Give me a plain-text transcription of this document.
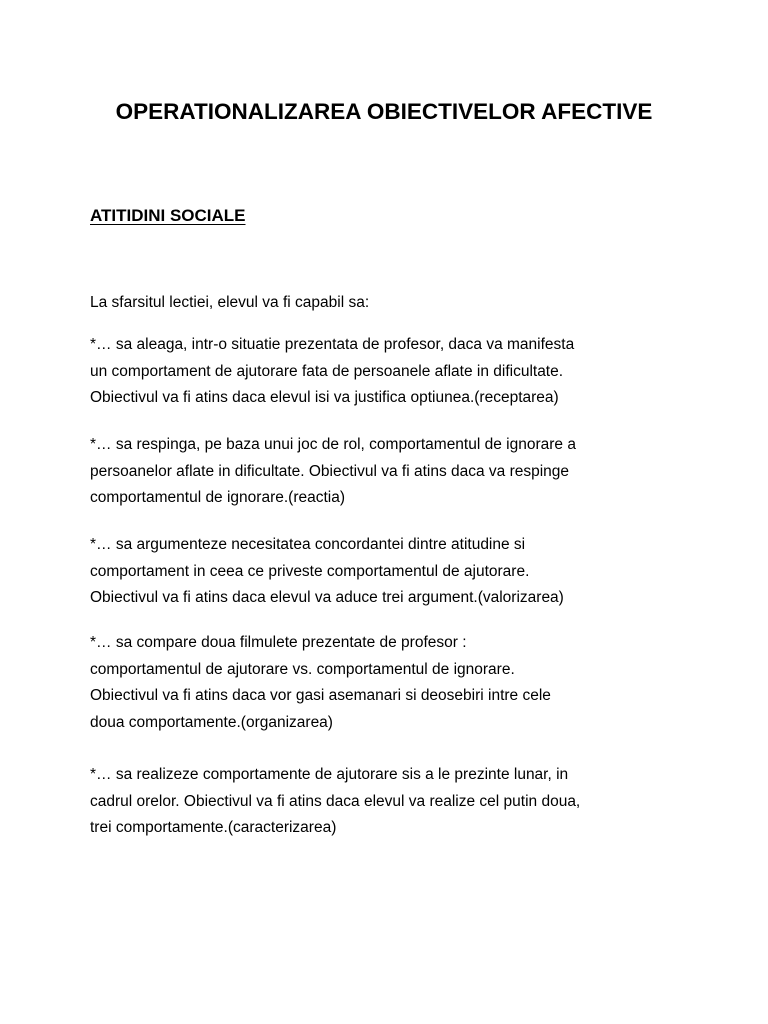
OPERATIONALIZAREA OBIECTIVELOR AFECTIVE
ATITIDINI SOCIALE
La sfarsitul lectiei, elevul va fi capabil sa:
*… sa aleaga, intr-o situatie prezentata de profesor, daca va manifesta
un comportament de ajutorare fata de persoanele aflate in dificultate.
Obiectivul va fi atins daca elevul isi va justifica optiunea.(receptarea)
*… sa respinga, pe baza unui joc de rol, comportamentul de ignorare a
persoanelor aflate in dificultate. Obiectivul va fi atins daca va respinge
comportamentul de ignorare.(reactia)
*… sa argumenteze necesitatea concordantei dintre atitudine si
comportament in ceea ce priveste comportamentul de ajutorare.
Obiectivul va fi atins daca elevul va aduce trei argument.(valorizarea)
*… sa compare doua filmulete prezentate de profesor :
comportamentul de ajutorare vs. comportamentul de ignorare.
Obiectivul va fi atins daca vor gasi asemanari si deosebiri intre cele
doua comportamente.(organizarea)
*… sa realizeze comportamente de ajutorare sis a le prezinte lunar, in
cadrul orelor. Obiectivul va fi atins daca elevul va realize cel putin doua,
trei comportamente.(caracterizarea)
